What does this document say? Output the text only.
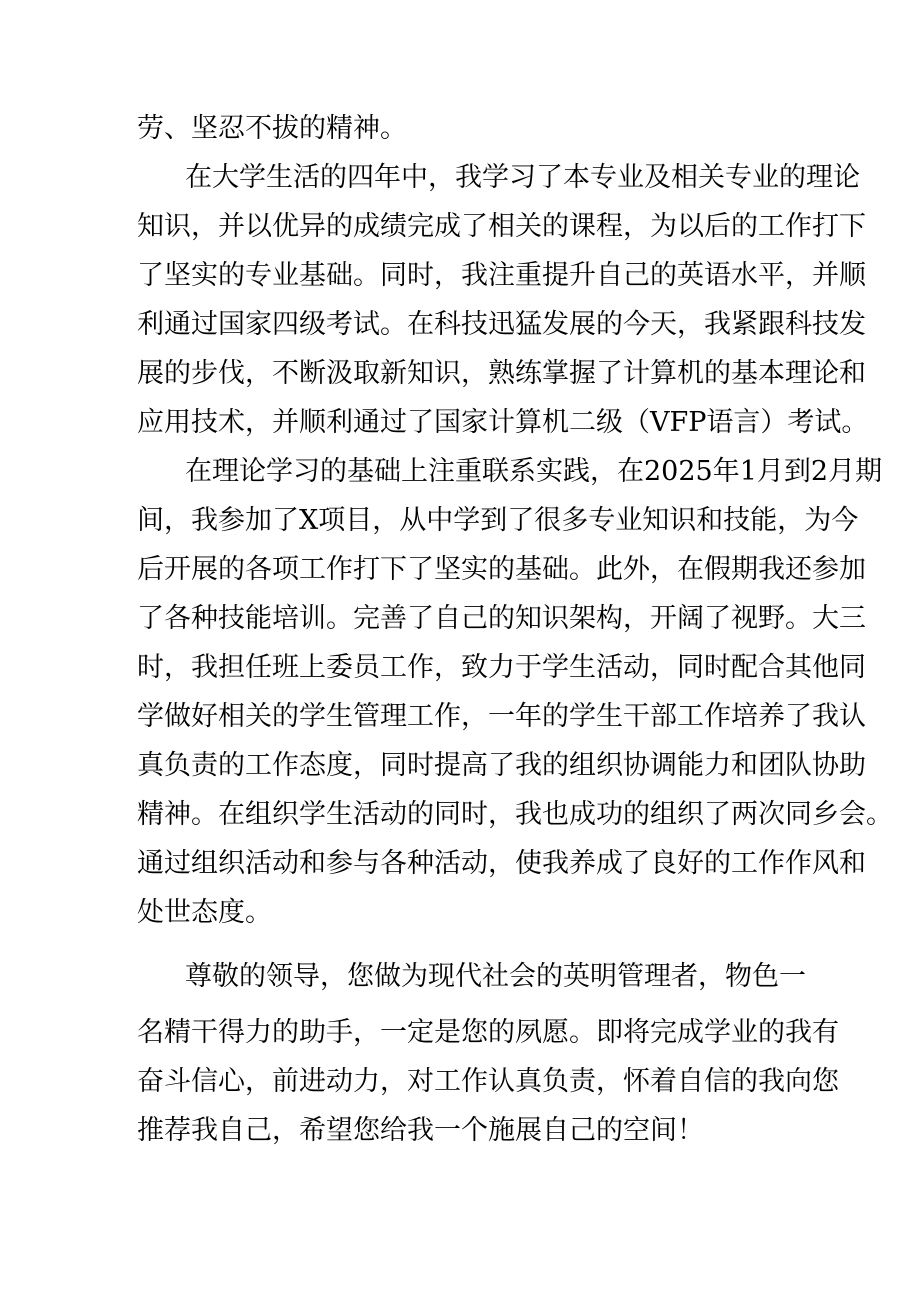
劳、坚忍不拔的精神。
在大学生活的四年中，我学习了本专业及相关专业的理论
知识，并以优异的成绩完成了相关的课程，为以后的工作打下
了坚实的专业基础。同时，我注重提升自己的英语水平，并顺
利通过国家四级考试。在科技迅猛发展的今天，我紧跟科技发
展的步伐，不断汲取新知识，熟练掌握了计算机的基本理论和
应用技术，并顺利通过了国家计算机二级（VFP语言）考试。
在理论学习的基础上注重联系实践，在2025年1月到2月期
间，我参加了X项目，从中学到了很多专业知识和技能，为今
后开展的各项工作打下了坚实的基础。此外，在假期我还参加
了各种技能培训。完善了自己的知识架构，开阔了视野。大三
时，我担任班上委员工作，致力于学生活动，同时配合其他同
学做好相关的学生管理工作，一年的学生干部工作培养了我认
真负责的工作态度，同时提高了我的组织协调能力和团队协助
精神。在组织学生活动的同时，我也成功的组织了两次同乡会。
通过组织活动和参与各种活动，使我养成了良好的工作作风和
处世态度。
尊敬的领导，您做为现代社会的英明管理者，物色一
名精干得力的助手，一定是您的夙愿。即将完成学业的我有
奋斗信心，前进动力，对工作认真负责，怀着自信的我向您
推荐我自己，希望您给我一个施展自己的空间！
